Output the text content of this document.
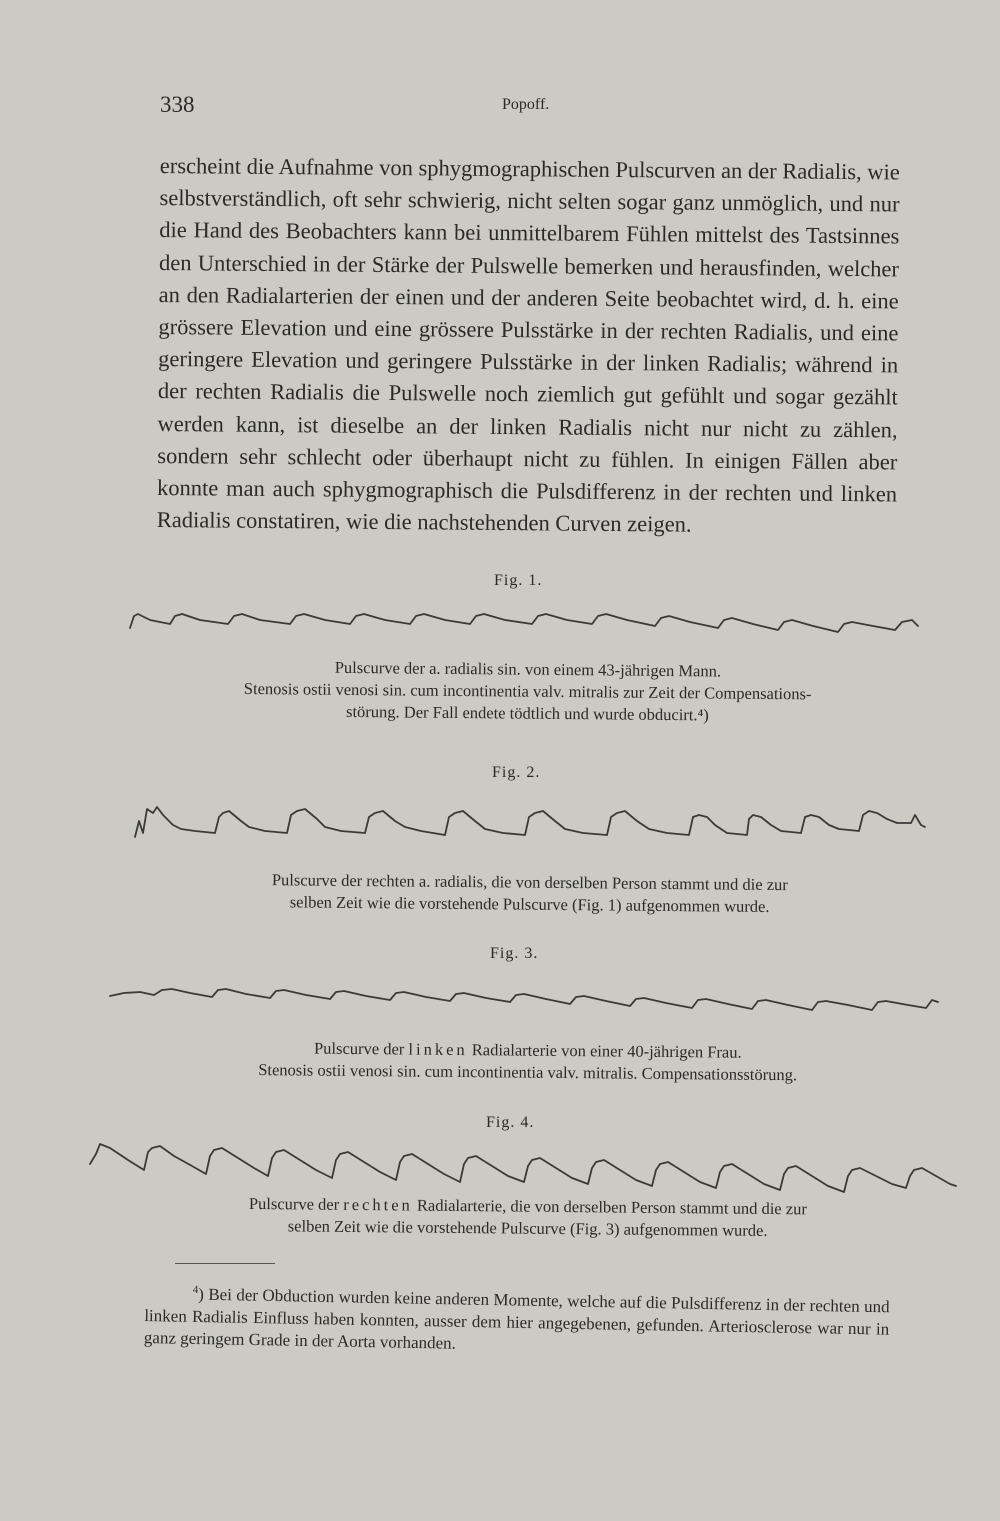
338	Popoff.

erscheint die Aufnahme von sphygmographischen Pulscurven an der Radialis, wie selbstverständlich, oft sehr schwierig, nicht selten sogar ganz unmöglich, und nur die Hand des Beobachters kann bei unmittelbarem Fühlen mittelst des Tastsinnes den Unterschied in der Stärke der Pulswelle bemerken und herausfinden, welcher an den Radialarterien der einen und der anderen Seite beobachtet wird, d. h. eine grössere Elevation und eine grössere Pulsstärke in der rechten Radialis, und eine geringere Elevation und geringere Pulsstärke in der linken Radialis; während in der rechten Radialis die Pulswelle noch ziemlich gut gefühlt und sogar gezählt werden kann, ist dieselbe an der linken Radialis nicht nur nicht zu zählen, sondern sehr schlecht oder überhaupt nicht zu fühlen. In einigen Fällen aber konnte man auch sphygmographisch die Pulsdifferenz in der rechten und linken Radialis constatiren, wie die nachstehenden Curven zeigen.

Fig. 1.

Pulscurve der a. radialis sin. von einem 43-jährigen Mann.

Stenosis ostii venosi sin. cum incontinentia valv. mitralis zur Zeit der Compensations-

störung. Der Fall endete tödtlich und wurde obducirt.⁴)

Fig. 2.

Pulscurve der rechten a. radialis, die von derselben Person stammt und die zur

selben Zeit wie die vorstehende Pulscurve (Fig. 1) aufgenommen wurde.

Fig. 3.

Pulscurve der linken Radialarterie von einer 40-jährigen Frau.

Stenosis ostii venosi sin. cum incontinentia valv. mitralis. Compensationsstörung.

Fig. 4.

Pulscurve der rechten Radialarterie, die von derselben Person stammt und die zur

selben Zeit wie die vorstehende Pulscurve (Fig. 3) aufgenommen wurde.

$^4$) Bei der Obduction wurden keine anderen Momente, welche auf die Pulsdifferenz in der rechten und linken Radialis Einfluss haben konnten, ausser dem hier angegebenen, gefunden. Arteriosclerose war nur in ganz geringem Grade in der Aorta vorhanden.
